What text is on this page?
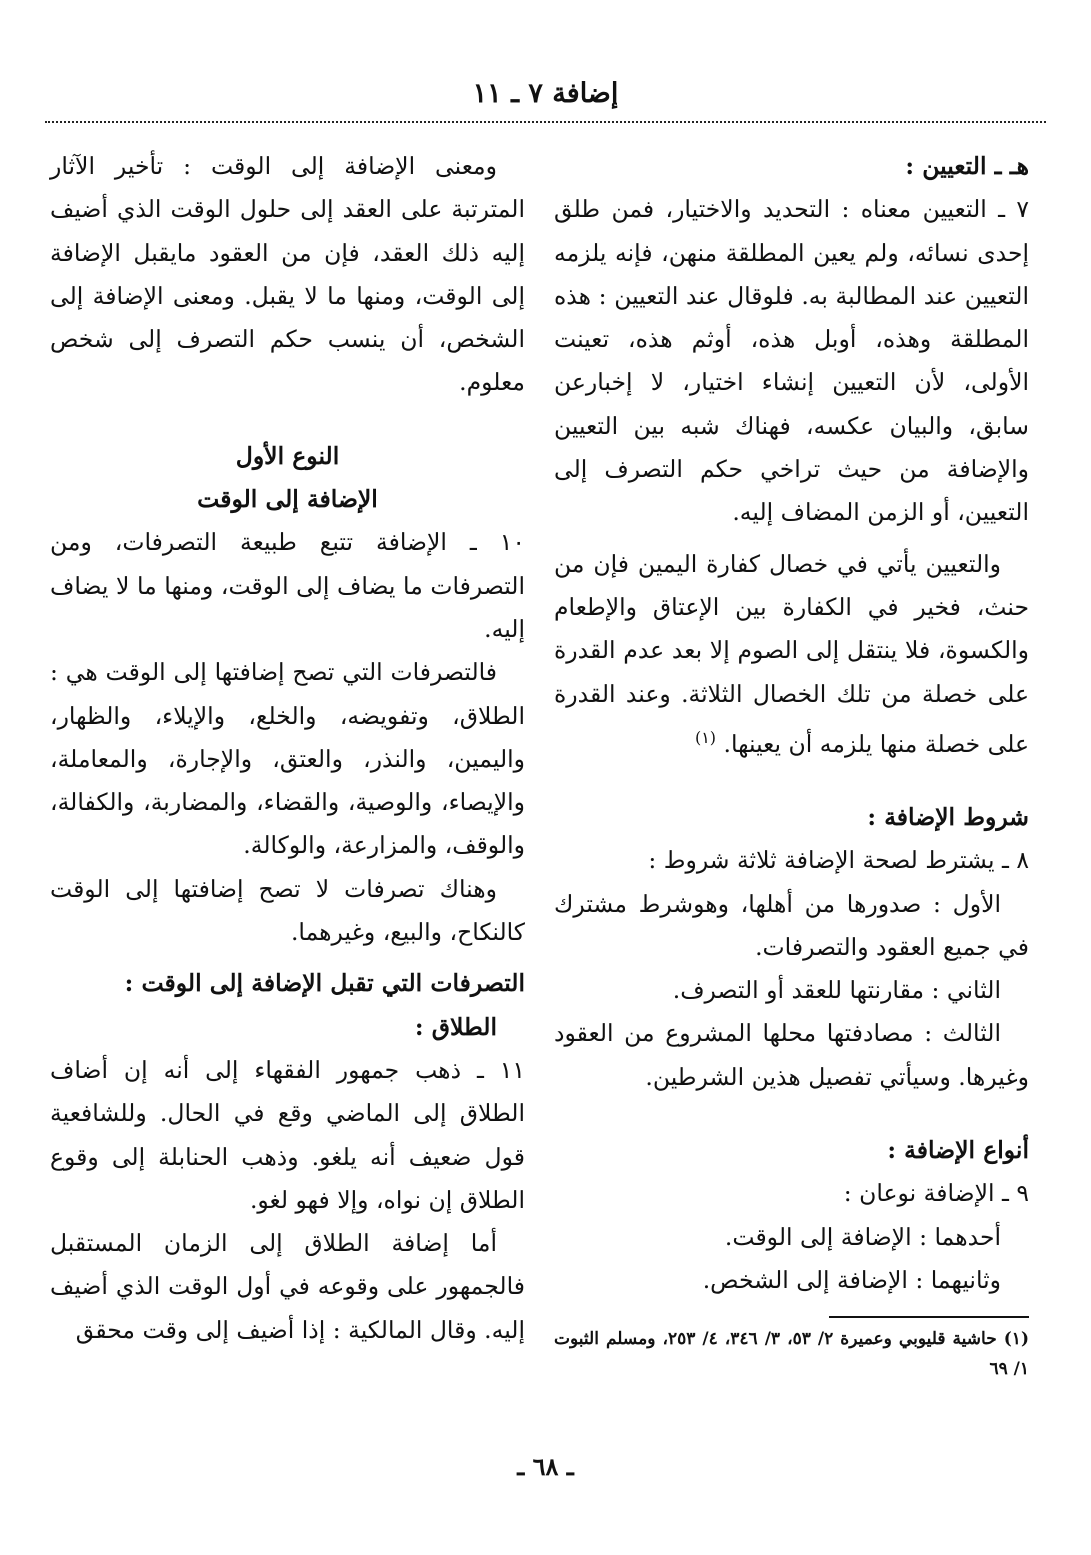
إضافة ٧ ـ ١١

هـ ـ التعيين :

٧ ـ التعيين معناه : التحديد والاختيار، فمن طلق إحدى نسائه، ولم يعين المطلقة منهن، فإنه يلزمه التعيين عند المطالبة به. فلوقال عند التعيين : هذه المطلقة وهذه، أوبل هذه، أوثم هذه، تعينت الأولى، لأن التعيين إنشاء اختيار، لا إخبارعن سابق، والبيان عكسه، فهناك شبه بين التعيين والإضافة من حيث تراخي حكم التصرف إلى التعيين، أو الزمن المضاف إليه.

والتعيين يأتي في خصال كفارة اليمين فإن من حنث، فخير في الكفارة بين الإعتاق والإطعام والكسوة، فلا ينتقل إلى الصوم إلا بعد عدم القدرة على خصلة من تلك الخصال الثلاثة. وعند القدرة على خصلة منها يلزمه أن يعينها. $^{(١)}$

شروط الإضافة :

٨ ـ يشترط لصحة الإضافة ثلاثة شروط :

الأول : صدورها من أهلها، وهوشرط مشترك في جميع العقود والتصرفات.

الثاني : مقارنتها للعقد أو التصرف.

الثالث : مصادفتها محلها المشروع من العقود وغيرها. وسيأتي تفصيل هذين الشرطين.

أنواع الإضافة :

٩ ـ الإضافة نوعان :

أحدهما : الإضافة إلى الوقت.

وثانيهما : الإضافة إلى الشخص.

(١) حاشية قليوبي وعميرة ٢/ ٥٣، ٣/ ٣٤٦، ٤/ ٢٥٣، ومسلم الثبوت ١/ ٦٩

ومعنى الإضافة إلى الوقت : تأخير الآثار المترتبة على العقد إلى حلول الوقت الذي أضيف إليه ذلك العقد، فإن من العقود مايقبل الإضافة إلى الوقت، ومنها ما لا يقبل. ومعنى الإضافة إلى الشخص، أن ينسب حكم التصرف إلى شخص معلوم.

النوع الأول

الإضافة إلى الوقت

١٠ ـ الإضافة تتبع طبيعة التصرفات، ومن التصرفات ما يضاف إلى الوقت، ومنها ما لا يضاف إليه.

فالتصرفات التي تصح إضافتها إلى الوقت هي : الطلاق، وتفويضه، والخلع، والإيلاء، والظهار، واليمين، والنذر، والعتق، والإجارة، والمعاملة، والإيصاء، والوصية، والقضاء، والمضاربة، والكفالة، والوقف، والمزارعة، والوكالة.

وهناك تصرفات لا تصح إضافتها إلى الوقت كالنكاح، والبيع، وغيرهما.

التصرفات التي تقبل الإضافة إلى الوقت :

الطلاق :

١١ ـ ذهب جمهور الفقهاء إلى أنه إن أضاف الطلاق إلى الماضي وقع في الحال. وللشافعية قول ضعيف أنه يلغو. وذهب الحنابلة إلى وقوع الطلاق إن نواه، وإلا فهو لغو.

أما إضافة الطلاق إلى الزمان المستقبل فالجمهور على وقوعه في أول الوقت الذي أضيف إليه. وقال المالكية : إذا أضيف إلى وقت محقق

ـ ٦٨ ـ
